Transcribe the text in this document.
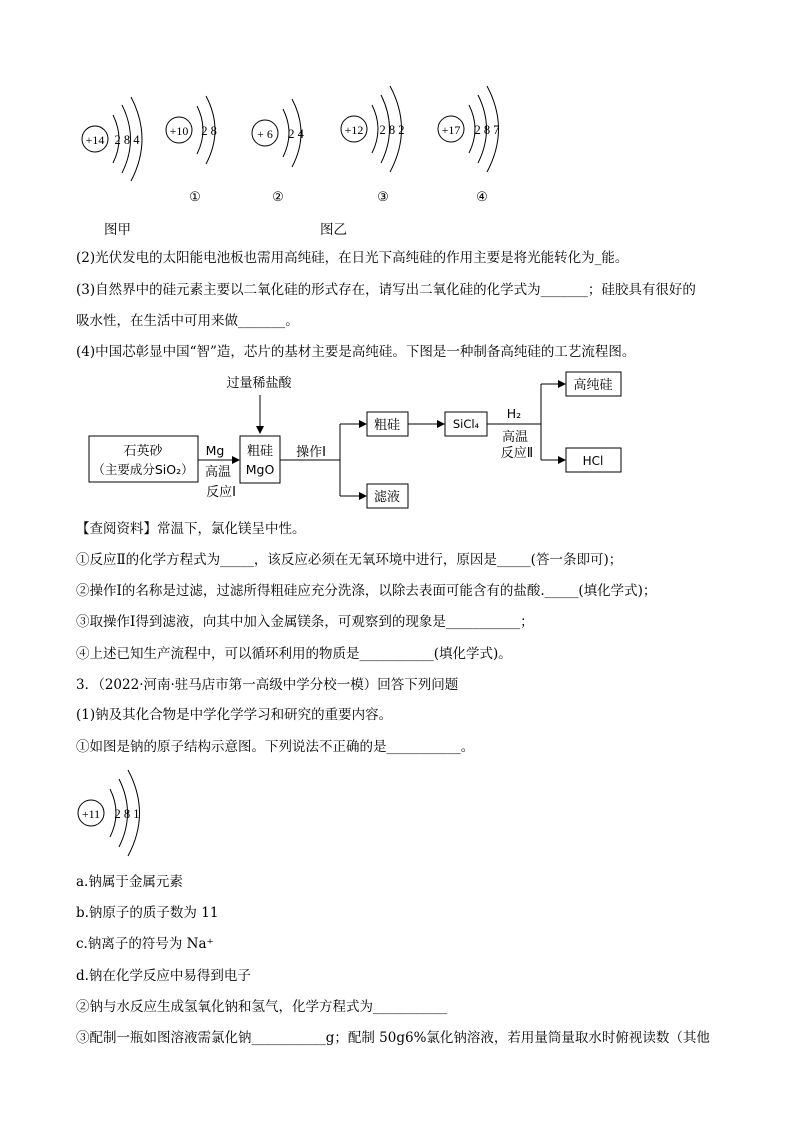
+14 2 8 4
+10 2 8	+ 6 2 4	+12 2 8 2	+17 2 8 7
①	②	③	④
图甲	图乙
(2)光伏发电的太阳能电池板也需用高纯硅，在日光下高纯硅的作用主要是将光能转化为_能。
(3)自然界中的硅元素主要以二氧化硅的形式存在，请写出二氧化硅的化学式为_______；硅胶具有很好的
吸水性，在生活中可用来做_______。
(4)中国芯彰显中国“智”造，芯片的基材主要是高纯硅。下图是一种制备高纯硅的工艺流程图。
过量稀盐酸
石英砂
（主要成分SiO₂）
Mg
高温
反应Ⅰ
粗硅
MgO
操作Ⅰ
粗硅
滤液
SiCl₄
H₂
高温
反应Ⅱ
高纯硅
HCl
【查阅资料】常温下，氯化镁呈中性。
①反应Ⅱ的化学方程式为_____，该反应必须在无氧环境中进行，原因是_____(答一条即可)；
②操作Ⅰ的名称是过滤，过滤所得粗硅应充分洗涤，以除去表面可能含有的盐酸._____(填化学式)；
③取操作Ⅰ得到滤液，向其中加入金属镁条，可观察到的现象是___________；
④上述已知生产流程中，可以循环利用的物质是___________(填化学式)。
3．（2022·河南·驻马店市第一高级中学分校一模）回答下列问题
(1)钠及其化合物是中学化学学习和研究的重要内容。
①如图是钠的原子结构示意图。下列说法不正确的是___________。
+11 2 8 1
a.钠属于金属元素
b.钠原子的质子数为 11
c.钠离子的符号为 Na⁺
d.钠在化学反应中易得到电子
②钠与水反应生成氢氧化钠和氢气，化学方程式为___________
③配制一瓶如图溶液需氯化钠___________g；配制 50g6%氯化钠溶液，若用量筒量取水时俯视读数（其他
